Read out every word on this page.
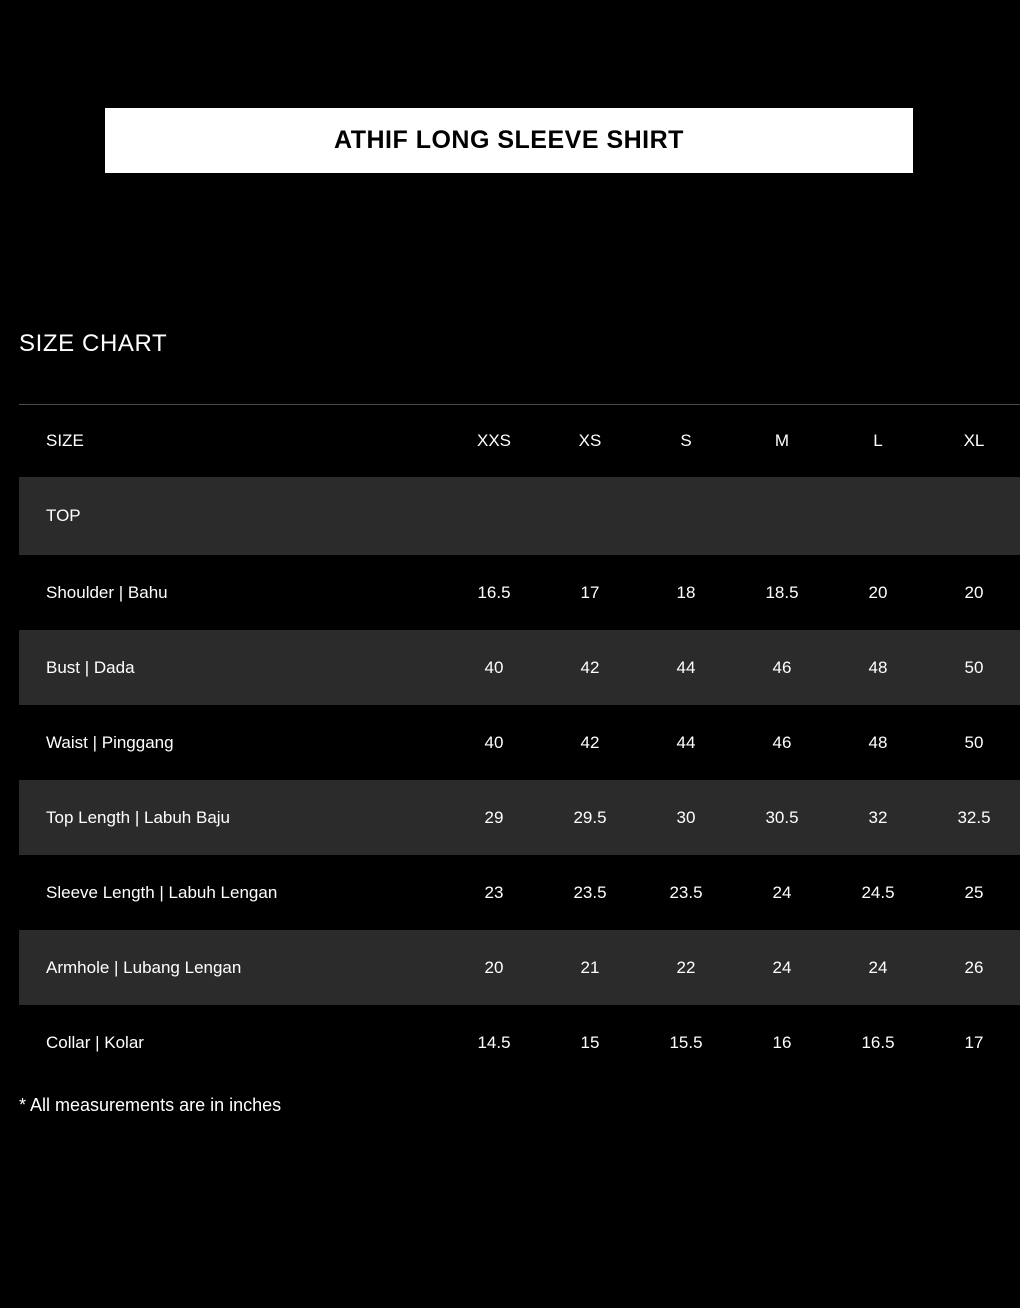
ATHIF LONG SLEEVE SHIRT
SIZE CHART
SIZE	XXS	XS	S	M	L	XL
TOP						
Shoulder | Bahu	16.5	17	18	18.5	20	20
Bust | Dada	40	42	44	46	48	50
Waist | Pinggang	40	42	44	46	48	50
Top Length | Labuh Baju	29	29.5	30	30.5	32	32.5
Sleeve Length | Labuh Lengan	23	23.5	23.5	24	24.5	25
Armhole | Lubang Lengan	20	21	22	24	24	26
Collar | Kolar	14.5	15	15.5	16	16.5	17
* All measurements are in inches
